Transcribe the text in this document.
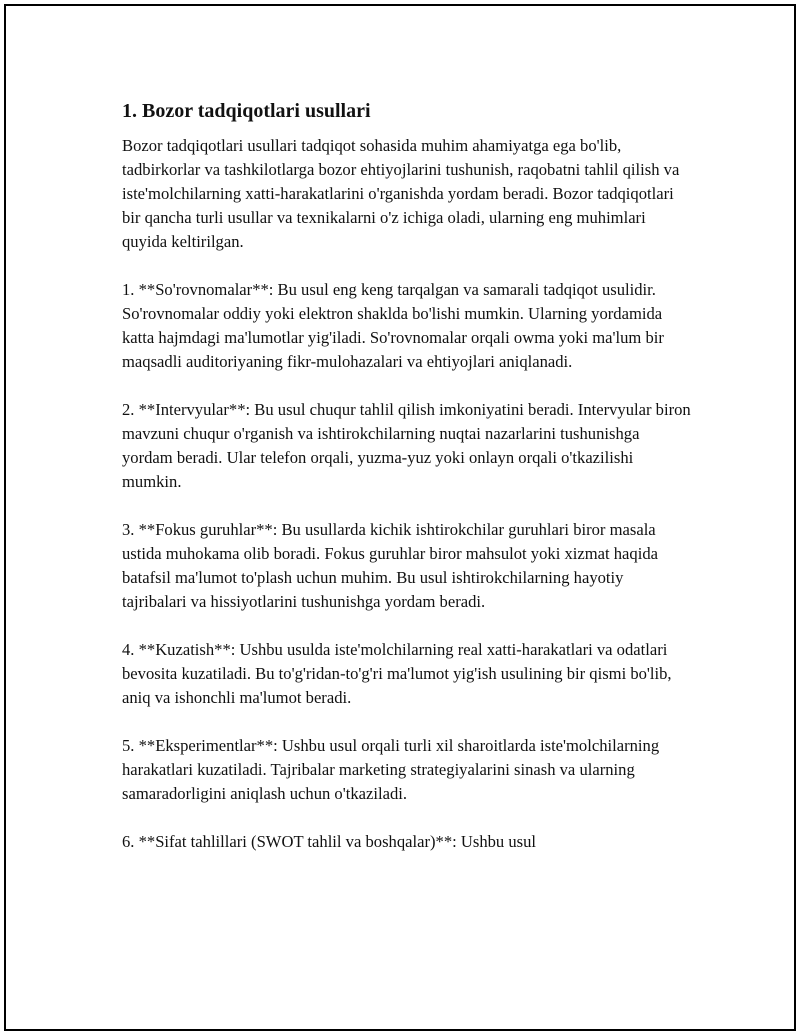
1. Bozor tadqiqotlari usullari

Bozor tadqiqotlari usullari tadqiqot sohasida muhim ahamiyatga ega bo'lib, tadbirkorlar va tashkilotlarga bozor ehtiyojlarini tushunish, raqobatni tahlil qilish va iste'molchilarning xatti-harakatlarini o'rganishda yordam beradi. Bozor tadqiqotlari bir qancha turli usullar va texnikalarni o'z ichiga oladi, ularning eng muhimlari quyida keltirilgan.

1. **So'rovnomalar**: Bu usul eng keng tarqalgan va samarali tadqiqot usulidir. So'rovnomalar oddiy yoki elektron shaklda bo'lishi mumkin. Ularning yordamida katta hajmdagi ma'lumotlar yig'iladi. So'rovnomalar orqali owma yoki ma'lum bir maqsadli auditoriyaning fikr-mulohazalari va ehtiyojlari aniqlanadi.

2. **Intervyular**: Bu usul chuqur tahlil qilish imkoniyatini beradi. Intervyular biron mavzuni chuqur o'rganish va ishtirokchilarning nuqtai nazarlarini tushunishga yordam beradi. Ular telefon orqali, yuzma-yuz yoki onlayn orqali o'tkazilishi mumkin.

3. **Fokus guruhlar**: Bu usullarda kichik ishtirokchilar guruhlari biror masala ustida muhokama olib boradi. Fokus guruhlar biror mahsulot yoki xizmat haqida batafsil ma'lumot to'plash uchun muhim. Bu usul ishtirokchilarning hayotiy tajribalari va hissiyotlarini tushunishga yordam beradi.

4. **Kuzatish**: Ushbu usulda iste'molchilarning real xatti-harakatlari va odatlari bevosita kuzatiladi. Bu to'g'ridan-to'g'ri ma'lumot yig'ish usulining bir qismi bo'lib, aniq va ishonchli ma'lumot beradi.

5. **Eksperimentlar**: Ushbu usul orqali turli xil sharoitlarda iste'molchilarning harakatlari kuzatiladi. Tajribalar marketing strategiyalarini sinash va ularning samaradorligini aniqlash uchun o'tkaziladi.

6. **Sifat tahlillari (SWOT tahlil va boshqalar)**: Ushbu usul
